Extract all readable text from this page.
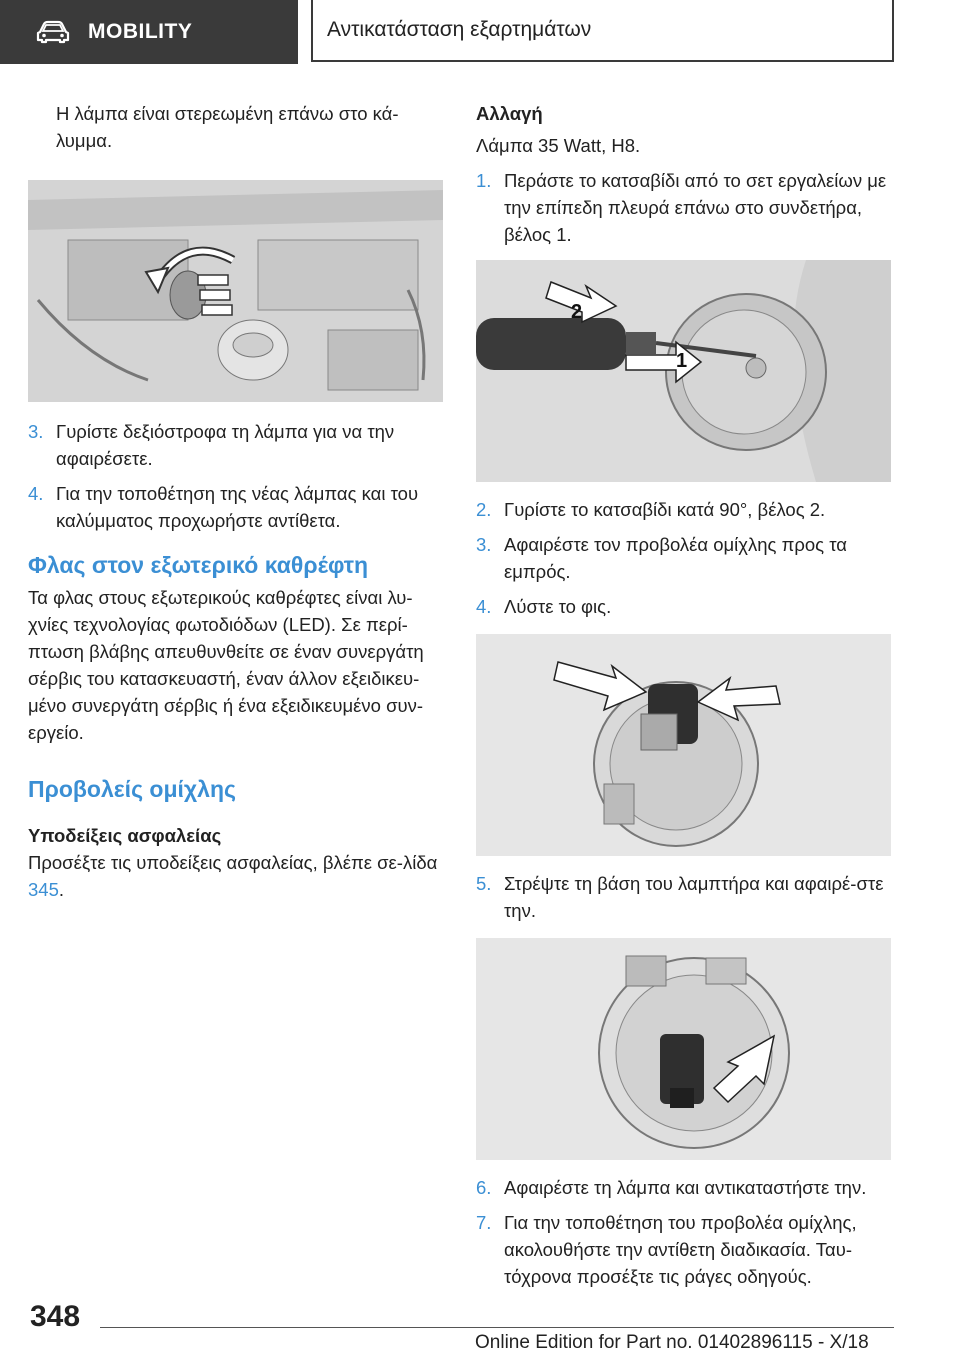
MOBILITY	Αντικατάσταση εξαρτημάτων

Η λάμπα είναι στερεωμένη επάνω στο κά-λυμμα.

3. Γυρίστε δεξιόστροφα τη λάμπα για να την αφαιρέσετε.

4. Για την τοποθέτηση της νέας λάμπας και του καλύμματος προχωρήστε αντίθετα.

Φλας στον εξωτερικό καθρέφτη

Τα φλας στους εξωτερικούς καθρέφτες είναι λυ-χνίες τεχνολογίας φωτοδιόδων (LED). Σε περί-πτωση βλάβης απευθυνθείτε σε έναν συνεργάτη σέρβις του κατασκευαστή, έναν άλλον εξειδικευ-μένο συνεργάτη σέρβις ή ένα εξειδικευμένο συν-εργείο.

Προβολείς ομίχλης

Υποδείξεις ασφαλείας

Προσέξτε τις υποδείξεις ασφαλείας, βλέπε σε-λίδα 345.

Αλλαγή

Λάμπα 35 Watt, H8.

1. Περάστε το κατσαβίδι από το σετ εργαλείων με την επίπεδη πλευρά επάνω στο συνδετήρα, βέλος 1.

1
2

2. Γυρίστε το κατσαβίδι κατά 90°, βέλος 2.

3. Αφαιρέστε τον προβολέα ομίχλης προς τα εμπρός.

4. Λύστε το φις.

5. Στρέψτε τη βάση του λαμπτήρα και αφαιρέ-στε την.

6. Αφαιρέστε τη λάμπα και αντικαταστήστε την.

7. Για την τοποθέτηση του προβολέα ομίχλης, ακολουθήστε την αντίθετη διαδικασία. Ταυ-τόχρονα προσέξτε τις ράγες οδηγούς.

348
Online Edition for Part no. 01402896115 - X/18
